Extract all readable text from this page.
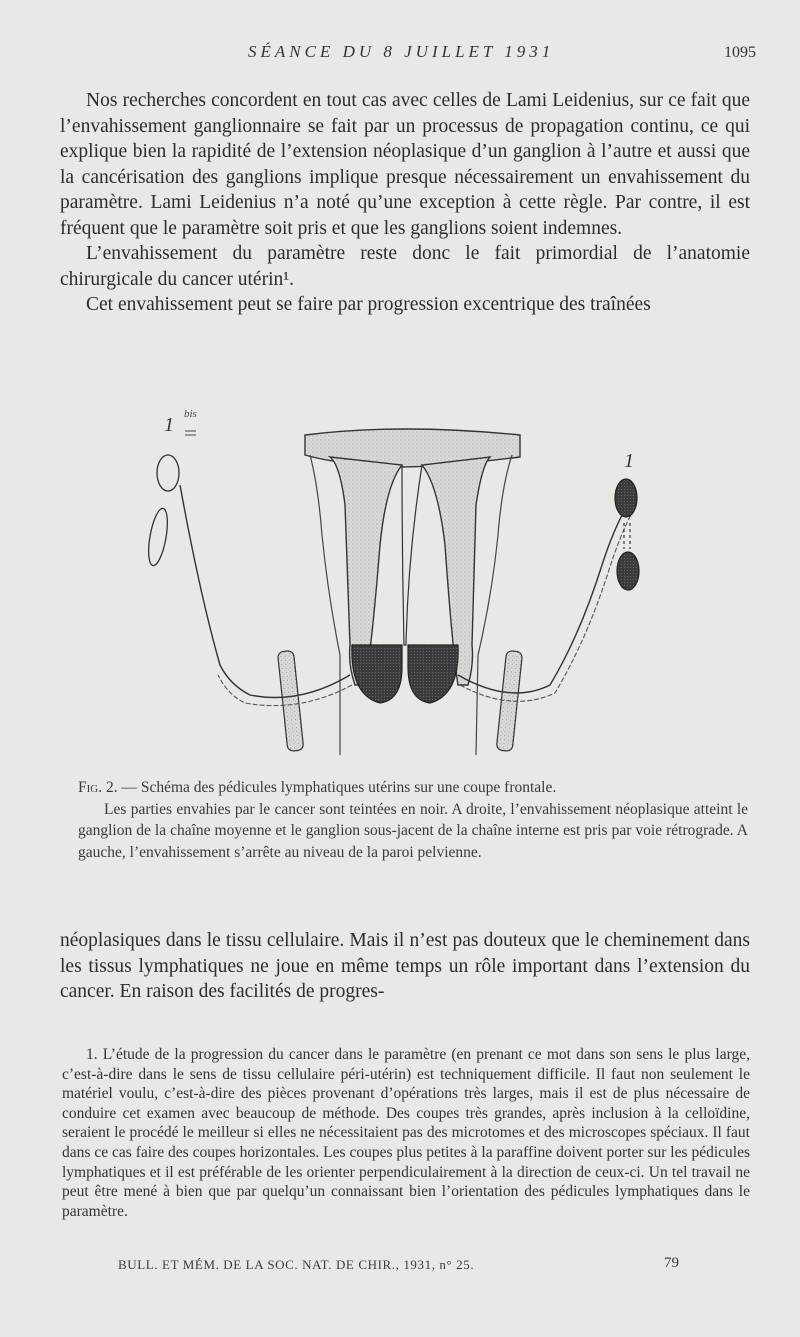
SÉANCE DU 8 JUILLET 1931	1095

Nos recherches concordent en tout cas avec celles de Lami Leidenius, sur ce fait que l’envahissement ganglionnaire se fait par un processus de propagation continu, ce qui explique bien la rapidité de l’extension néoplasique d’un ganglion à l’autre et aussi que la cancérisation des ganglions implique presque nécessairement un envahissement du paramètre. Lami Leidenius n’a noté qu’une exception à cette règle. Par contre, il est fréquent que le paramètre soit pris et que les ganglions soient indemnes.

L’envahissement du paramètre reste donc le fait primordial de l’anatomie chirurgicale du cancer utérin¹.

Cet envahissement peut se faire par progression excentrique des traînées

1 bis
1

Fig. 2. — Schéma des pédicules lymphatiques utérins sur une coupe frontale.

Les parties envahies par le cancer sont teintées en noir. A droite, l’envahissement néoplasique atteint le ganglion de la chaîne moyenne et le ganglion sous-jacent de la chaîne interne est pris par voie rétrograde. A gauche, l’envahissement s’arrête au niveau de la paroi pelvienne.

néoplasiques dans le tissu cellulaire. Mais il n’est pas douteux que le cheminement dans les tissus lymphatiques ne joue en même temps un rôle important dans l’extension du cancer. En raison des facilités de progres-

1. L’étude de la progression du cancer dans le paramètre (en prenant ce mot dans son sens le plus large, c’est-à-dire dans le sens de tissu cellulaire péri-utérin) est techniquement difficile. Il faut non seulement le matériel voulu, c’est-à-dire des pièces provenant d’opérations très larges, mais il est de plus nécessaire de conduire cet examen avec beaucoup de méthode. Des coupes très grandes, après inclusion à la celloïdine, seraient le procédé le meilleur si elles ne nécessitaient pas des microtomes et des microscopes spéciaux. Il faut dans ce cas faire des coupes horizontales. Les coupes plus petites à la paraffine doivent porter sur les pédicules lymphatiques et il est préférable de les orienter perpendiculairement à la direction de ceux-ci. Un tel travail ne peut être mené à bien que par quelqu’un connaissant bien l’orientation des pédicules lymphatiques dans le paramètre.

BULL. ET MÉM. DE LA SOC. NAT. DE CHIR., 1931, n° 25.	79
